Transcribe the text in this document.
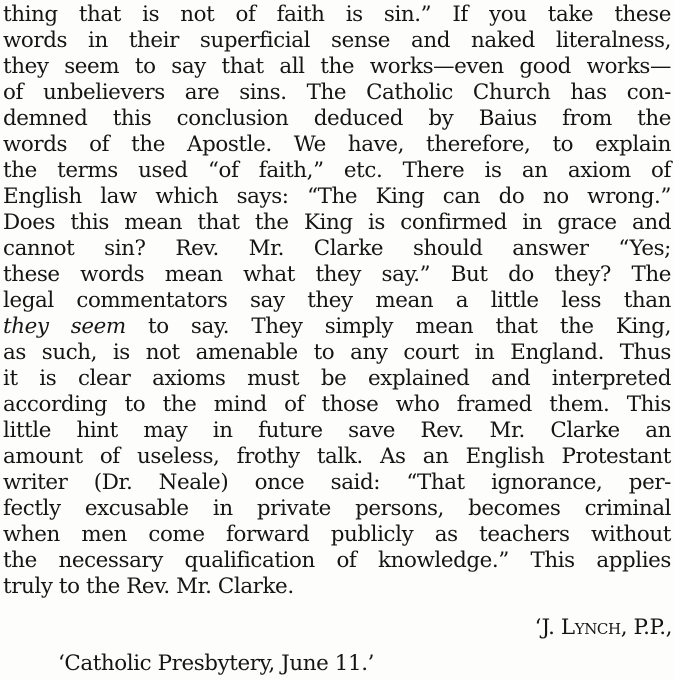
thing that is not of faith is sin.” If you take these
words in their superficial sense and naked literalness,
they seem to say that all the works—even good works—
of unbelievers are sins. The Catholic Church has con-
demned this conclusion deduced by Baius from the
words of the Apostle. We have, therefore, to explain
the terms used “of faith,” etc. There is an axiom of
English law which says: “The King can do no wrong.”
Does this mean that the King is confirmed in grace and
cannot sin? Rev. Mr. Clarke should answer “Yes;
these words mean what they say.” But do they? The
legal commentators say they mean a little less than
they seem to say. They simply mean that the King,
as such, is not amenable to any court in England. Thus
it is clear axioms must be explained and interpreted
according to the mind of those who framed them. This
little hint may in future save Rev. Mr. Clarke an
amount of useless, frothy talk. As an English Protestant
writer (Dr. Neale) once said: “That ignorance, per-
fectly excusable in private persons, becomes criminal
when men come forward publicly as teachers without
the necessary qualification of knowledge.” This applies
truly to the Rev. Mr. Clarke.
‘J. Lynch, P.P.,
‘Catholic Presbytery, June 11.’
